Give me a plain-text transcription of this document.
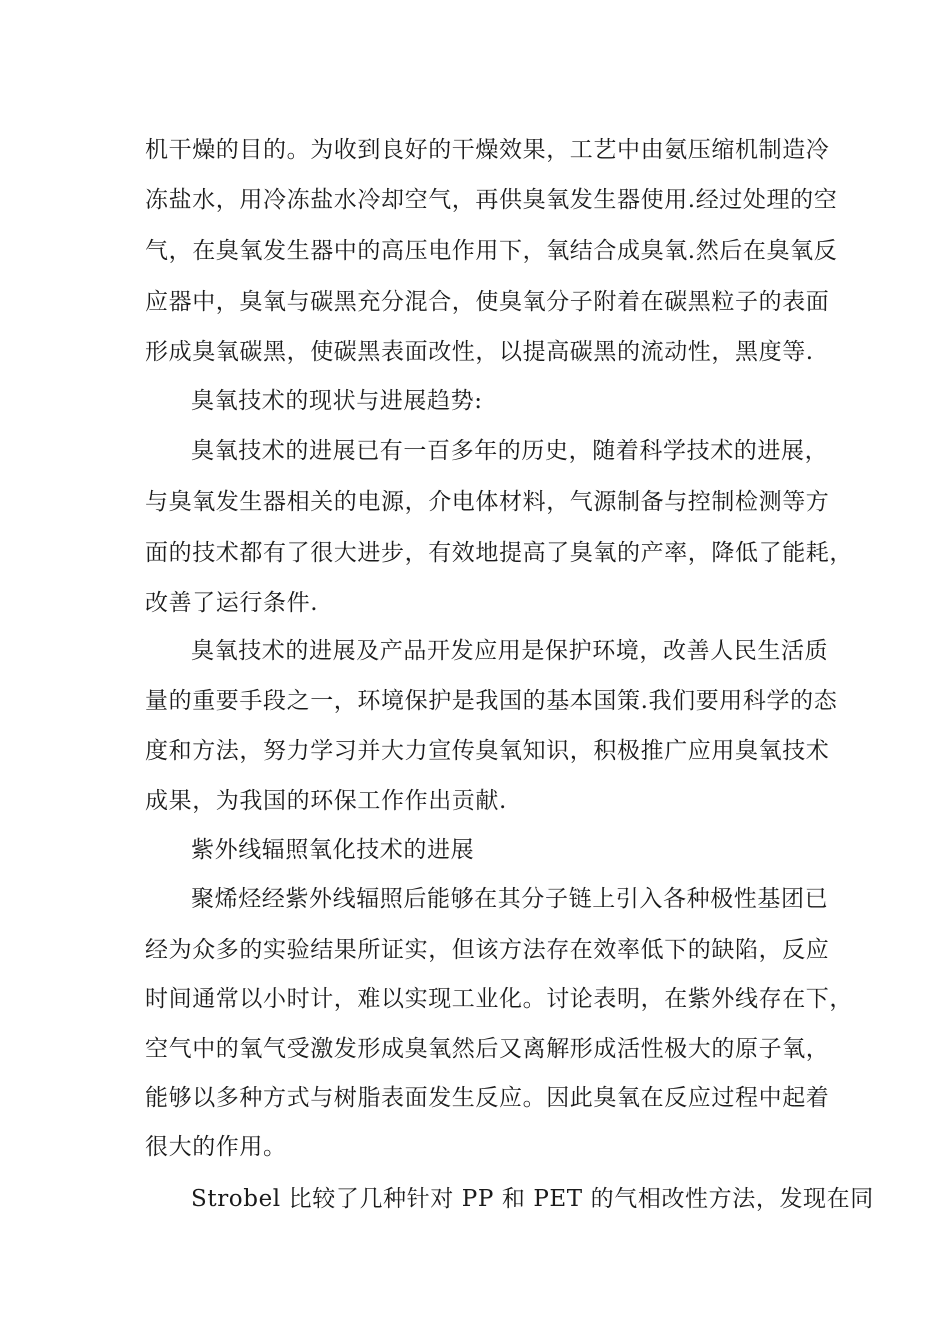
机干燥的目的。为收到良好的干燥效果，工艺中由氨压缩机制造冷
冻盐水，用冷冻盐水冷却空气，再供臭氧发生器使用.经过处理的空
气，在臭氧发生器中的高压电作用下，氧结合成臭氧.然后在臭氧反
应器中，臭氧与碳黑充分混合，使臭氧分子附着在碳黑粒子的表面
形成臭氧碳黑，使碳黑表面改性，以提高碳黑的流动性，黑度等.
臭氧技术的现状与进展趋势:
臭氧技术的进展已有一百多年的历史，随着科学技术的进展，
与臭氧发生器相关的电源，介电体材料，气源制备与控制检测等方
面的技术都有了很大进步，有效地提高了臭氧的产率，降低了能耗，
改善了运行条件.
臭氧技术的进展及产品开发应用是保护环境，改善人民生活质
量的重要手段之一，环境保护是我国的基本国策.我们要用科学的态
度和方法，努力学习并大力宣传臭氧知识，积极推广应用臭氧技术
成果，为我国的环保工作作出贡献.
紫外线辐照氧化技术的进展
聚烯烃经紫外线辐照后能够在其分子链上引入各种极性基团已
经为众多的实验结果所证实，但该方法存在效率低下的缺陷，反应
时间通常以小时计，难以实现工业化。讨论表明，在紫外线存在下，
空气中的氧气受激发形成臭氧然后又离解形成活性极大的原子氧，
能够以多种方式与树脂表面发生反应。因此臭氧在反应过程中起着
很大的作用。
Strobel 比较了几种针对 PP 和 PET 的气相改性方法，发现在同
